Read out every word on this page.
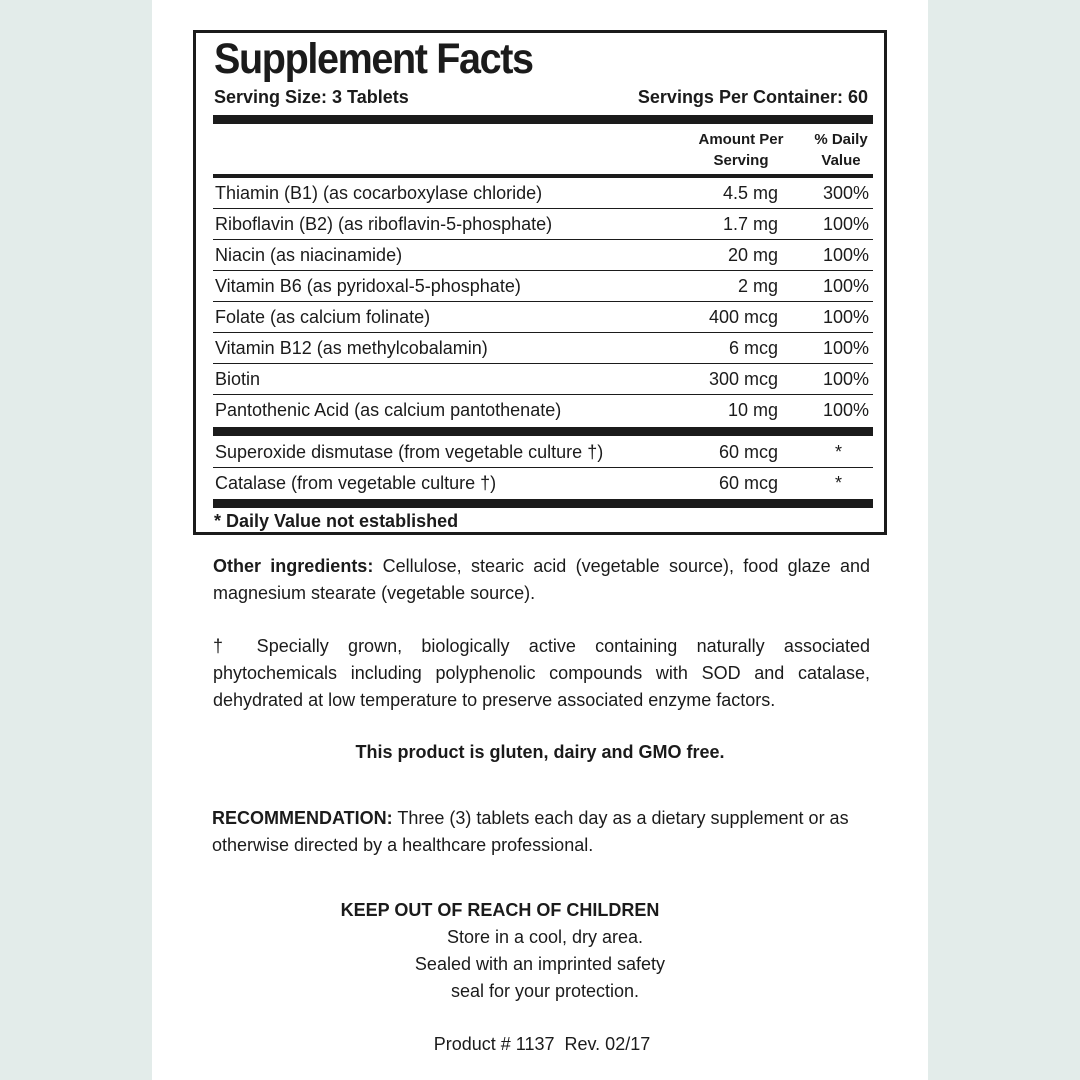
Supplement Facts
Serving Size: 3 Tablets	Servings Per Container: 60
Amount Per
Serving
% Daily
Value
Thiamin (B1) (as cocarboxylase chloride)	4.5 mg 300%
Riboflavin (B2) (as riboflavin-5-phosphate)	1.7 mg 100%
Niacin (as niacinamide)	20 mg 100%
Vitamin B6 (as pyridoxal-5-phosphate)	2 mg 100%
Folate (as calcium folinate)	400 mcg 100%
Vitamin B12 (as methylcobalamin)	6 mcg 100%
Biotin	300 mcg 100%
Pantothenic Acid (as calcium pantothenate)	10 mg 100%
Superoxide dismutase (from vegetable culture †)	60 mcg	*
Catalase (from vegetable culture †)	60 mcg	*
* Daily Value not established
Other ingredients: Cellulose, stearic acid (vegetable source), food glaze and magnesium stearate (vegetable source).
† Specially grown, biologically active containing naturally associated phytochemicals including polyphenolic compounds with SOD and catalase, dehydrated at low temperature to preserve associated enzyme factors.
This product is gluten, dairy and GMO free.
RECOMMENDATION: Three (3) tablets each day as a dietary supplement or as otherwise directed by a healthcare professional.
KEEP OUT OF REACH OF CHILDREN
Store in a cool, dry area.
Sealed with an imprinted safety
seal for your protection.
Product # 1137  Rev. 02/17
